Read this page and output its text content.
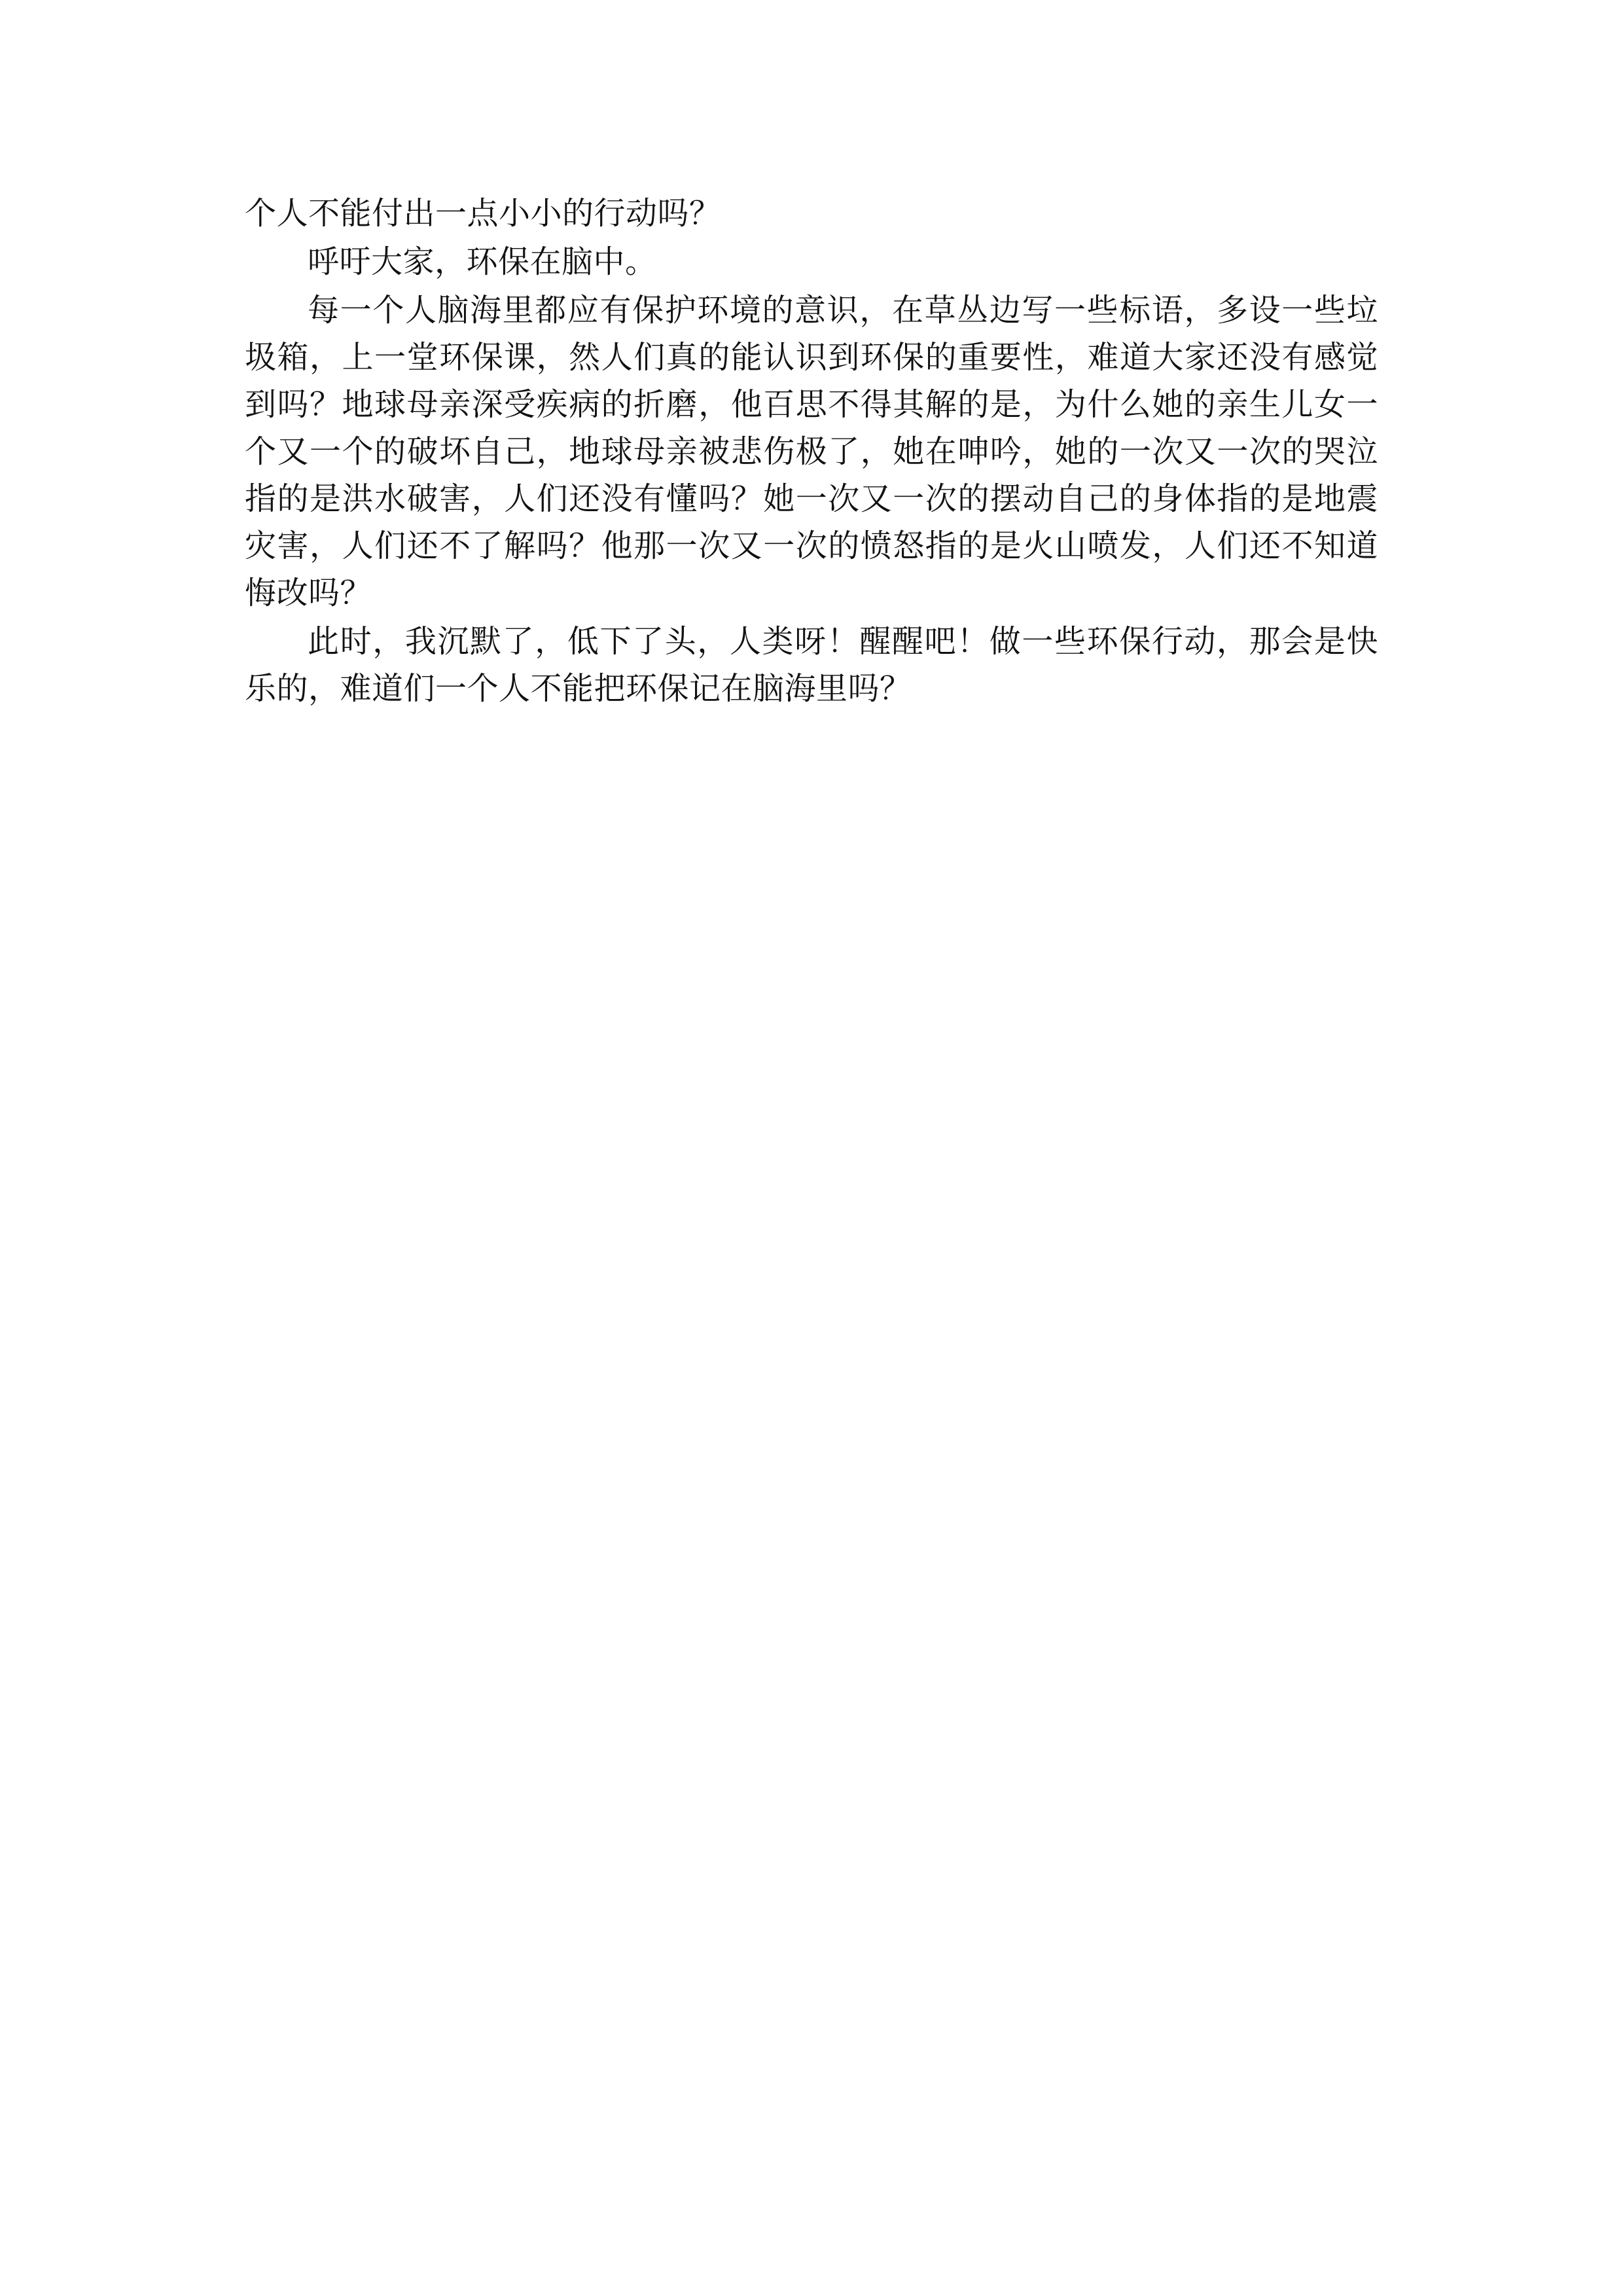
个人不能付出一点小小的行动吗？
呼吁大家，环保在脑中。
每一个人脑海里都应有保护环境的意识，在草丛边写一些标语，多设一些垃
圾箱，上一堂环保课，然人们真的能认识到环保的重要性，难道大家还没有感觉
到吗？地球母亲深受疾病的折磨，他百思不得其解的是，为什么她的亲生儿女一
个又一个的破坏自己，地球母亲被悲伤极了，她在呻吟，她的一次又一次的哭泣
指的是洪水破害，人们还没有懂吗？她一次又一次的摆动自己的身体指的是地震
灾害，人们还不了解吗？他那一次又一次的愤怒指的是火山喷发，人们还不知道
悔改吗？
此时，我沉默了，低下了头，人类呀！醒醒吧！做一些环保行动，那会是快
乐的，难道们一个人不能把环保记在脑海里吗？
